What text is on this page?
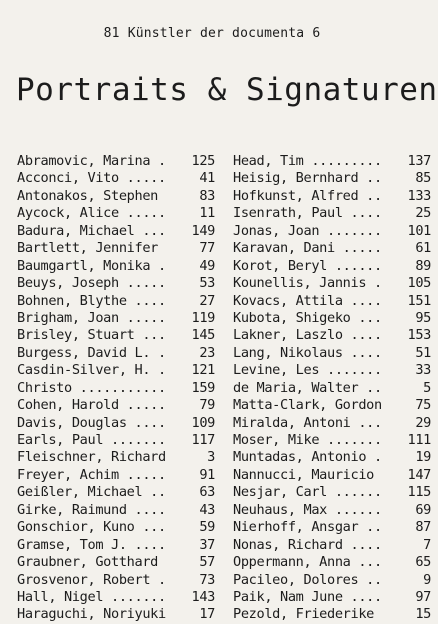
81 Künstler der documenta 6
Portraits & Signaturen
Abramovic, Marina . 125
Acconci, Vito ..... 41
Antonakos, Stephen	83
Aycock, Alice ..... 11
Badura, Michael ... 149
Bartlett, Jennifer	77
Baumgartl, Monika . 49
Beuys, Joseph ..... 53
Bohnen, Blythe .... 27
Brigham, Joan ..... 119
Brisley, Stuart ... 145
Burgess, David L. . 23
Casdin-Silver, H. . 121
Christo ........... 159
Cohen, Harold ..... 79
Davis, Douglas .... 109
Earls, Paul ....... 117
Fleischner, Richard	3
Freyer, Achim ..... 91
Geißler, Michael .. 63
Girke, Raimund .... 43
Gonschior, Kuno ... 59
Gramse, Tom J. .... 37
Graubner, Gotthard	57
Grosvenor, Robert . 73
Hall, Nigel ....... 143
Haraguchi, Noriyuki 17
Head, Tim ......... 137
Heisig, Bernhard .. 85
Hofkunst, Alfred .. 133
Isenrath, Paul .... 25
Jonas, Joan ....... 101
Karavan, Dani ..... 61
Korot, Beryl ...... 89
Kounellis, Jannis . 105
Kovacs, Attila .... 151
Kubota, Shigeko ... 95
Lakner, Laszlo .... 153
Lang, Nikolaus .... 51
Levine, Les ....... 33
de Maria, Walter ..	5
Matta-Clark, Gordon 75
Miralda, Antoni ... 29
Moser, Mike ....... 111
Muntadas, Antonio . 19
Nannucci, Mauricio 147
Nesjar, Carl ...... 115
Neuhaus, Max ...... 69
Nierhoff, Ansgar .. 87
Nonas, Richard ....	7
Oppermann, Anna ... 65
Pacileo, Dolores ..	9
Paik, Nam June .... 97
Pezold, Friederike	15
